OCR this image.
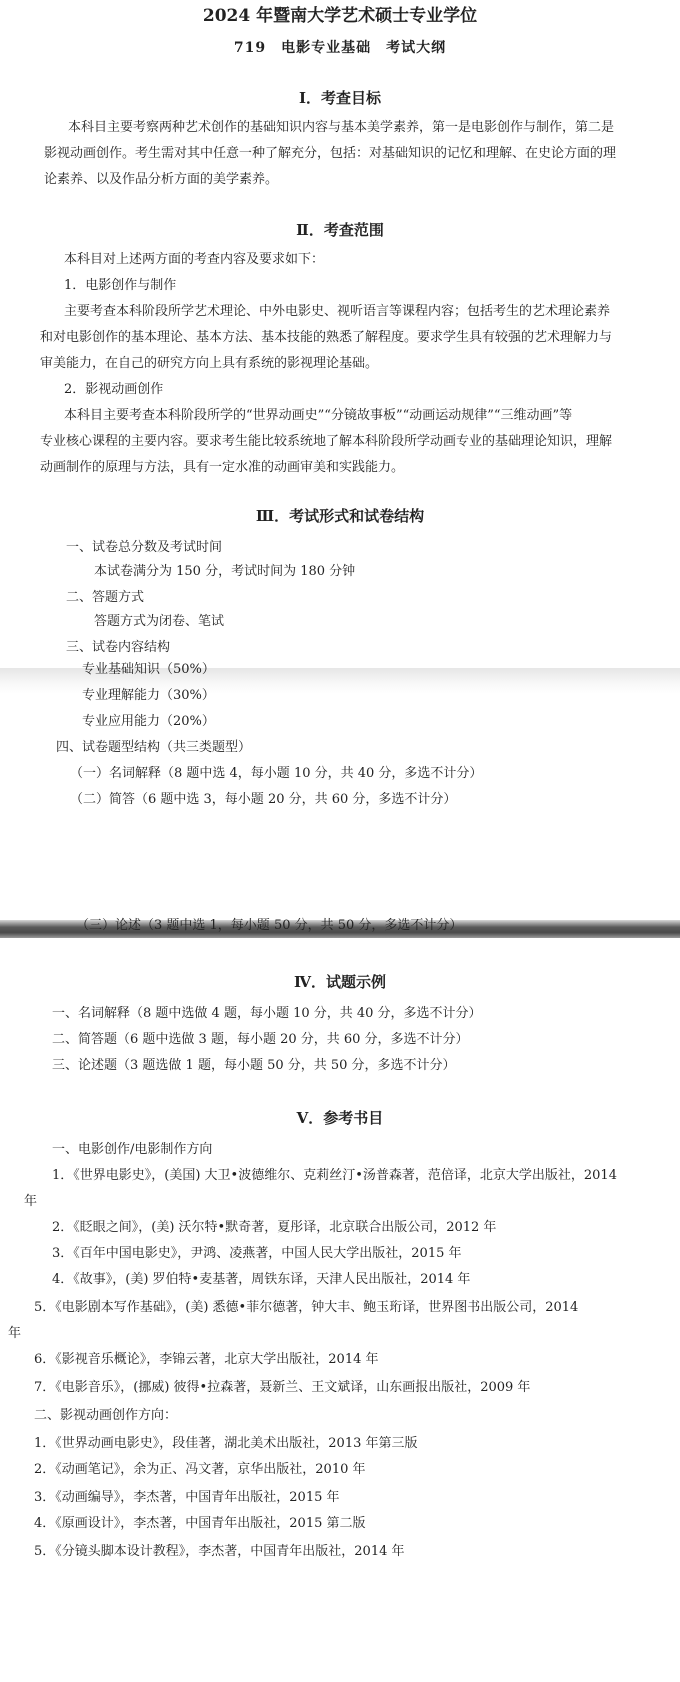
2024 年暨南大学艺术硕士专业学位
719　电影专业基础　考试大纲
Ⅰ．考查目标
本科目主要考察两种艺术创作的基础知识内容与基本美学素养，第一是电影创作与制作，第二是
影视动画创作。考生需对其中任意一种了解充分，包括：对基础知识的记忆和理解、在史论方面的理
论素养、以及作品分析方面的美学素养。
Ⅱ．考查范围
本科目对上述两方面的考查内容及要求如下：
1．电影创作与制作
主要考查本科阶段所学艺术理论、中外电影史、视听语言等课程内容；包括考生的艺术理论素养
和对电影创作的基本理论、基本方法、基本技能的熟悉了解程度。要求学生具有较强的艺术理解力与
审美能力，在自己的研究方向上具有系统的影视理论基础。
2．影视动画创作
本科目主要考查本科阶段所学的“世界动画史”“分镜故事板”“动画运动规律”“三维动画”等
专业核心课程的主要内容。要求考生能比较系统地了解本科阶段所学动画专业的基础理论知识，理解
动画制作的原理与方法，具有一定水准的动画审美和实践能力。
Ⅲ．考试形式和试卷结构
一、试卷总分数及考试时间
本试卷满分为 150 分，考试时间为 180 分钟
二、答题方式
答题方式为闭卷、笔试
三、试卷内容结构
专业基础知识（50%）
专业理解能力（30%）
专业应用能力（20%）
四、试卷题型结构（共三类题型）
（一）名词解释（8 题中选 4，每小题 10 分，共 40 分，多选不计分）
（二）简答（6 题中选 3，每小题 20 分，共 60 分，多选不计分）
（三）论述（3 题中选 1，每小题 50 分，共 50 分，多选不计分）
Ⅳ．试题示例
一、名词解释（8 题中选做 4 题，每小题 10 分，共 40 分，多选不计分）
二、简答题（6 题中选做 3 题，每小题 20 分，共 60 分，多选不计分）
三、论述题（3 题选做 1 题，每小题 50 分，共 50 分，多选不计分）
Ⅴ．参考书目
一、电影创作/电影制作方向
1．《世界电影史》，(美国) 大卫•波德维尔、克莉丝汀•汤普森著，范倍译，北京大学出版社，2014
年
2．《眨眼之间》，(美) 沃尔特•默奇著，夏彤译，北京联合出版公司，2012 年
3．《百年中国电影史》，尹鸿、凌燕著，中国人民大学出版社，2015 年
4．《故事》，(美) 罗伯特•麦基著，周铁东译，天津人民出版社，2014 年
5．《电影剧本写作基础》，(美) 悉德•菲尔德著，钟大丰、鲍玉珩译，世界图书出版公司，2014
年
6．《影视音乐概论》，李锦云著，北京大学出版社，2014 年
7．《电影音乐》，(挪威) 彼得•拉森著，聂新兰、王文斌译，山东画报出版社，2009 年
二、影视动画创作方向：
1．《世界动画电影史》，段佳著，湖北美术出版社，2013 年第三版
2．《动画笔记》，余为正、冯文著，京华出版社，2010 年
3．《动画编导》，李杰著，中国青年出版社，2015 年
4．《原画设计》，李杰著，中国青年出版社，2015 第二版
5．《分镜头脚本设计教程》，李杰著，中国青年出版社，2014 年
